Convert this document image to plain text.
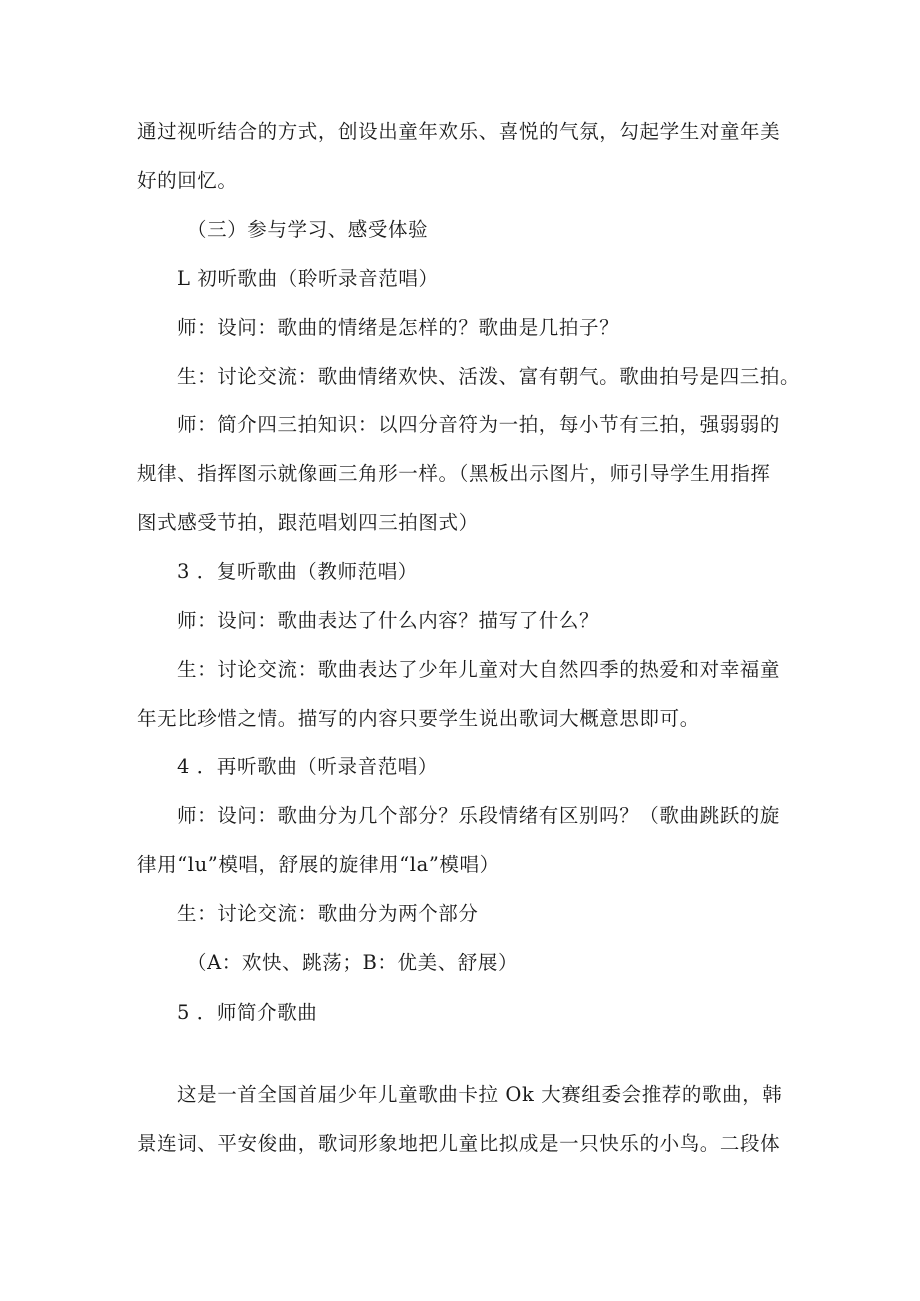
通过视听结合的方式，创设出童年欢乐、喜悦的气氛，勾起学生对童年美
好的回忆。
（三）参与学习、感受体验
L 初听歌曲（聆听录音范唱）
师：设问：歌曲的情绪是怎样的？歌曲是几拍子？
生：讨论交流：歌曲情绪欢快、活泼、富有朝气。歌曲拍号是四三拍。
师：简介四三拍知识：以四分音符为一拍，每小节有三拍，强弱弱的
规律、指挥图示就像画三角形一样。（黑板出示图片，师引导学生用指挥
图式感受节拍，跟范唱划四三拍图式）
3 ．复听歌曲（教师范唱）
师：设问：歌曲表达了什么内容？描写了什么？
生：讨论交流：歌曲表达了少年儿童对大自然四季的热爱和对幸福童
年无比珍惜之情。描写的内容只要学生说出歌词大概意思即可。
4 ．再听歌曲（听录音范唱）
师：设问：歌曲分为几个部分？乐段情绪有区别吗？（歌曲跳跃的旋
律用“lu”模唱，舒展的旋律用“la”模唱）
生：讨论交流：歌曲分为两个部分
（A：欢快、跳荡；B：优美、舒展）
5 ．师简介歌曲
这是一首全国首届少年儿童歌曲卡拉 Ok 大赛组委会推荐的歌曲，韩
景连词、平安俊曲，歌词形象地把儿童比拟成是一只快乐的小鸟。二段体
